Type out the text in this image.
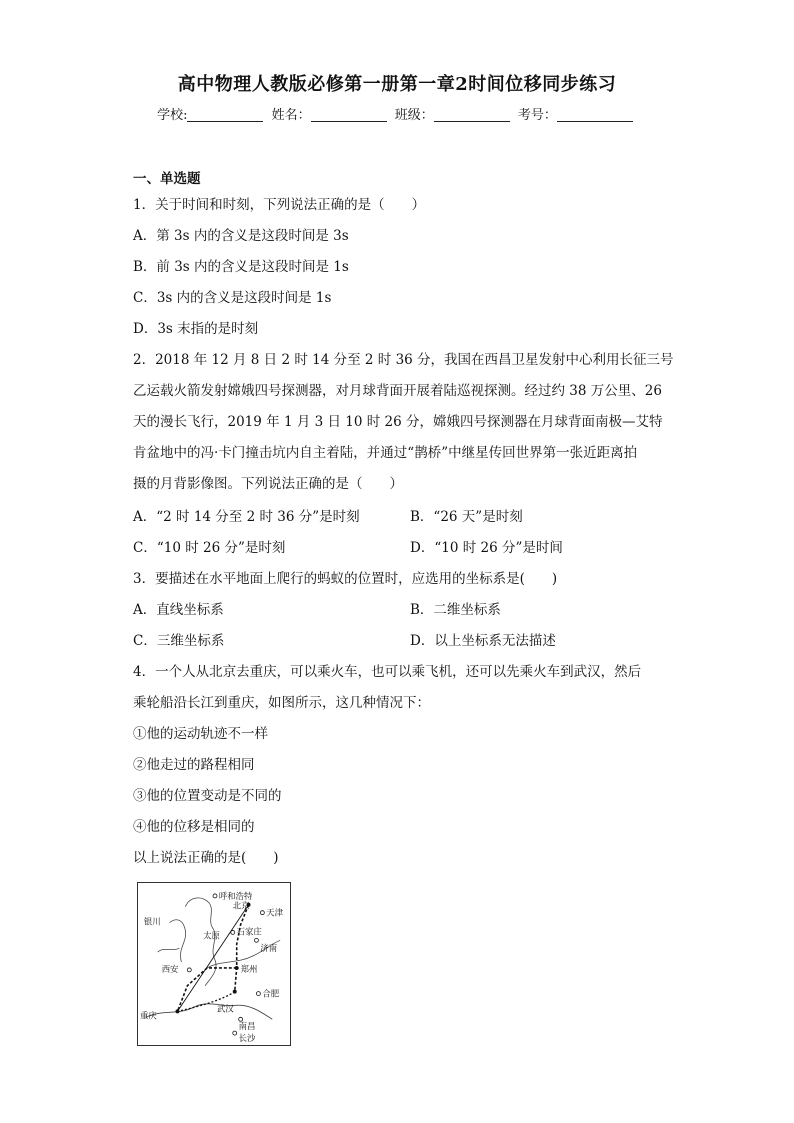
高中物理人教版必修第一册第一章2时间位移同步练习
学校:	姓名：	班级：	考号：
一、单选题
1．关于时间和时刻，下列说法正确的是（　　）
A．第 3s 内的含义是这段时间是 3s
B．前 3s 内的含义是这段时间是 1s
C．3s 内的含义是这段时间是 1s
D．3s 末指的是时刻
2．2018 年 12 月 8 日 2 时 14 分至 2 时 36 分，我国在西昌卫星发射中心利用长征三号
乙运载火箭发射嫦娥四号探测器，对月球背面开展着陆巡视探测。经过约 38 万公里、26
天的漫长飞行，2019 年 1 月 3 日 10 时 26 分，嫦娥四号探测器在月球背面南极—艾特
肯盆地中的冯·卡门撞击坑内自主着陆，并通过“鹊桥”中继星传回世界第一张近距离拍
摄的月背影像图。下列说法正确的是（　　）
A．“2 时 14 分至 2 时 36 分”是时刻	B．“26 天”是时刻
C．“10 时 26 分”是时刻	D．“10 时 26 分”是时间
3．要描述在水平地面上爬行的蚂蚁的位置时，应选用的坐标系是(　　)
A．直线坐标系	B．二维坐标系
C．三维坐标系	D．以上坐标系无法描述
4．一个人从北京去重庆，可以乘火车，也可以乘飞机，还可以先乘火车到武汉，然后
乘轮船沿长江到重庆，如图所示，这几种情况下：
①他的运动轨迹不一样
②他走过的路程相同
③他的位置变动是不同的
④他的位移是相同的
以上说法正确的是(　　)
呼和浩特
北京
天津
银川
太原 石家庄
济南
西安	郑州
合肥
重庆
武汉
南昌
长沙
